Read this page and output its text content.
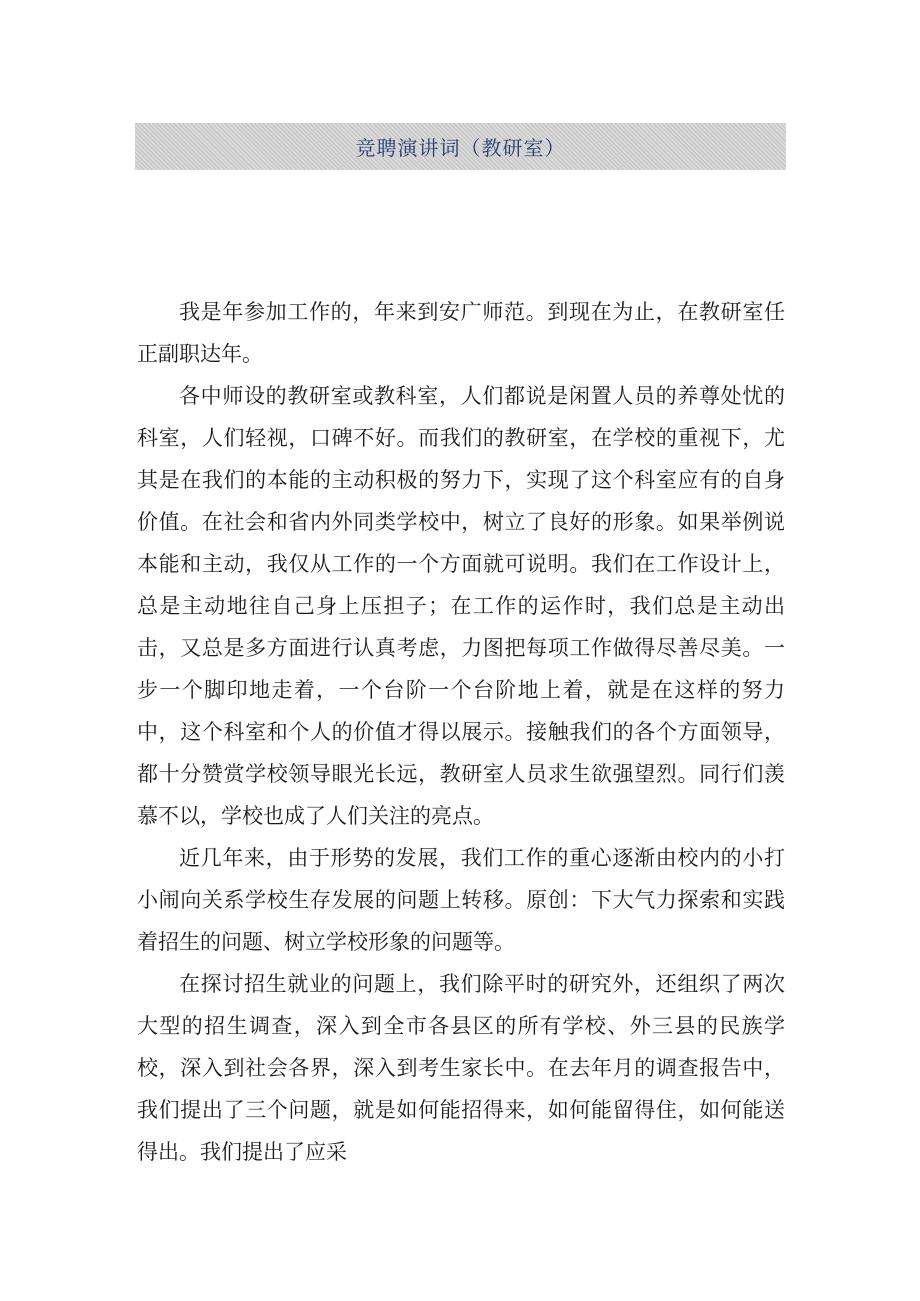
竞聘演讲词（教研室）

我是年参加工作的，年来到安广师范。到现在为止，在教研室任正副职达年。

各中师设的教研室或教科室，人们都说是闲置人员的养尊处忧的科室，人们轻视，口碑不好。而我们的教研室，在学校的重视下，尤其是在我们的本能的主动积极的努力下，实现了这个科室应有的自身价值。在社会和省内外同类学校中，树立了良好的形象。如果举例说本能和主动，我仅从工作的一个方面就可说明。我们在工作设计上，总是主动地往自己身上压担子；在工作的运作时，我们总是主动出击，又总是多方面进行认真考虑，力图把每项工作做得尽善尽美。一步一个脚印地走着，一个台阶一个台阶地上着，就是在这样的努力中，这个科室和个人的价值才得以展示。接触我们的各个方面领导，都十分赞赏学校领导眼光长远，教研室人员求生欲强望烈。同行们羡慕不以，学校也成了人们关注的亮点。

近几年来，由于形势的发展，我们工作的重心逐渐由校内的小打小闹向关系学校生存发展的问题上转移。原创：下大气力探索和实践着招生的问题、树立学校形象的问题等。

在探讨招生就业的问题上，我们除平时的研究外，还组织了两次大型的招生调查，深入到全市各县区的所有学校、外三县的民族学校，深入到社会各界，深入到考生家长中。在去年月的调查报告中，我们提出了三个问题，就是如何能招得来，如何能留得住，如何能送得出。我们提出了应采
